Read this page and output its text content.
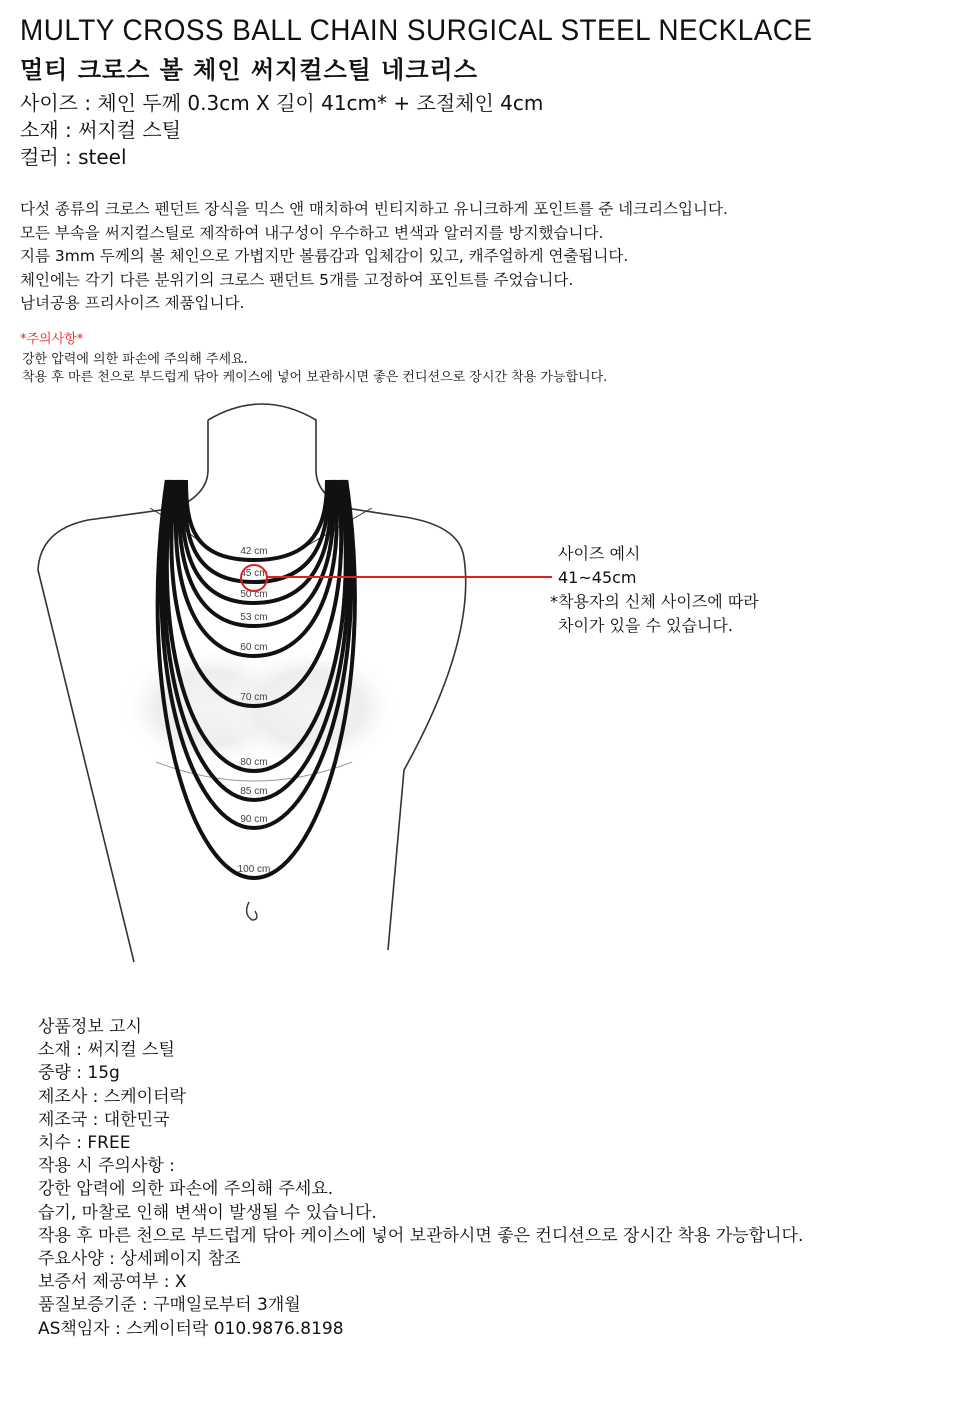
MULTY CROSS BALL CHAIN SURGICAL STEEL NECKLACE
멀티 크로스 볼 체인 써지컬스틸 네크리스
사이즈 : 체인 두께 0.3cm X 길이 41cm* + 조절체인 4cm
소재 : 써지컬 스틸
컬러 : steel
다섯 종류의 크로스 펜던트 장식을 믹스 앤 매치하여 빈티지하고 유니크하게 포인트를 준 네크리스입니다.
모든 부속을 써지컬스틸로 제작하여 내구성이 우수하고 변색과 알러지를 방지했습니다.
지름 3mm 두께의 볼 체인으로 가볍지만 볼륨감과 입체감이 있고, 캐주얼하게 연출됩니다.
체인에는 각기 다른 분위기의 크로스 팬던트 5개를 고정하여 포인트를 주었습니다.
남녀공용 프리사이즈 제품입니다.
*주의사항*
강한 압력에 의한 파손에 주의해 주세요.
착용 후 마른 천으로 부드럽게 닦아 케이스에 넣어 보관하시면 좋은 컨디션으로 장시간 착용 가능합니다.
42 cm
45 cm
50 cm
53 cm
60 cm
70 cm
80 cm
85 cm
90 cm
100 cm
사이즈 예시
41~45cm
*착용자의 신체 사이즈에 따라
차이가 있을 수 있습니다.
상품정보 고시
소재 : 써지컬 스틸
중량 : 15g
제조사 : 스케이터락
제조국 : 대한민국
치수 : FREE
작용 시 주의사항 :
강한 압력에 의한 파손에 주의해 주세요.
습기, 마찰로 인해 변색이 발생될 수 있습니다.
작용 후 마른 천으로 부드럽게 닦아 케이스에 넣어 보관하시면 좋은 컨디션으로 장시간 착용 가능합니다.
주요사양 : 상세페이지 참조
보증서 제공여부 : X
품질보증기준 : 구매일로부터 3개월
AS책임자 : 스케이터락 010.9876.8198
